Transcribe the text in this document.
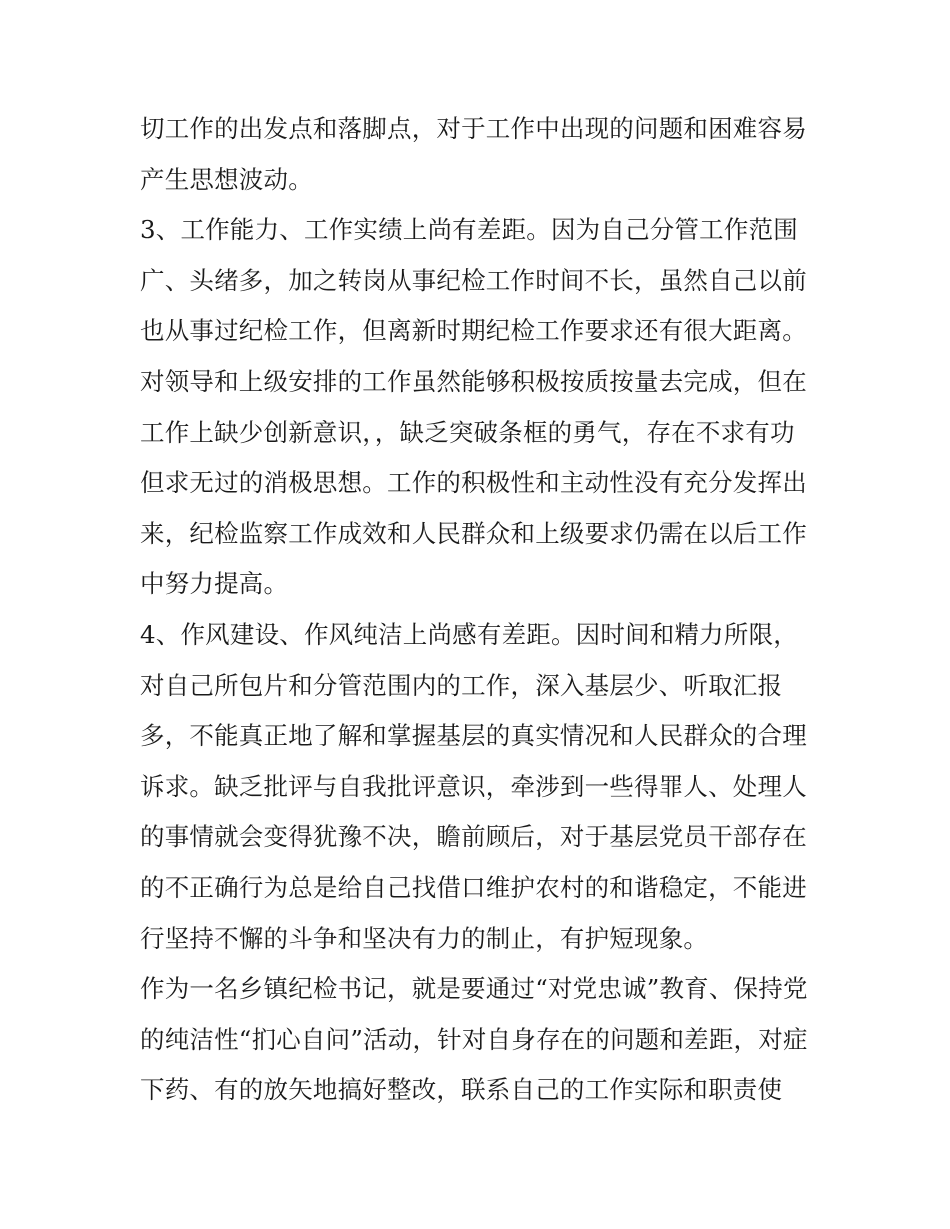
切工作的出发点和落脚点，对于工作中出现的问题和困难容易
产生思想波动。
3、工作能力、工作实绩上尚有差距。因为自己分管工作范围
广、头绪多，加之转岗从事纪检工作时间不长，虽然自己以前
也从事过纪检工作，但离新时期纪检工作要求还有很大距离。
对领导和上级安排的工作虽然能够积极按质按量去完成，但在
工作上缺少创新意识，，缺乏突破条框的勇气，存在不求有功
但求无过的消极思想。工作的积极性和主动性没有充分发挥出
来，纪检监察工作成效和人民群众和上级要求仍需在以后工作
中努力提高。
4、作风建设、作风纯洁上尚感有差距。因时间和精力所限，
对自己所包片和分管范围内的工作，深入基层少、听取汇报
多，不能真正地了解和掌握基层的真实情况和人民群众的合理
诉求。缺乏批评与自我批评意识，牵涉到一些得罪人、处理人
的事情就会变得犹豫不决，瞻前顾后，对于基层党员干部存在
的不正确行为总是给自己找借口维护农村的和谐稳定，不能进
行坚持不懈的斗争和坚决有力的制止，有护短现象。
作为一名乡镇纪检书记，就是要通过“对党忠诚”教育、保持党
的纯洁性“扪心自问”活动，针对自身存在的问题和差距，对症
下药、有的放矢地搞好整改，联系自己的工作实际和职责使
